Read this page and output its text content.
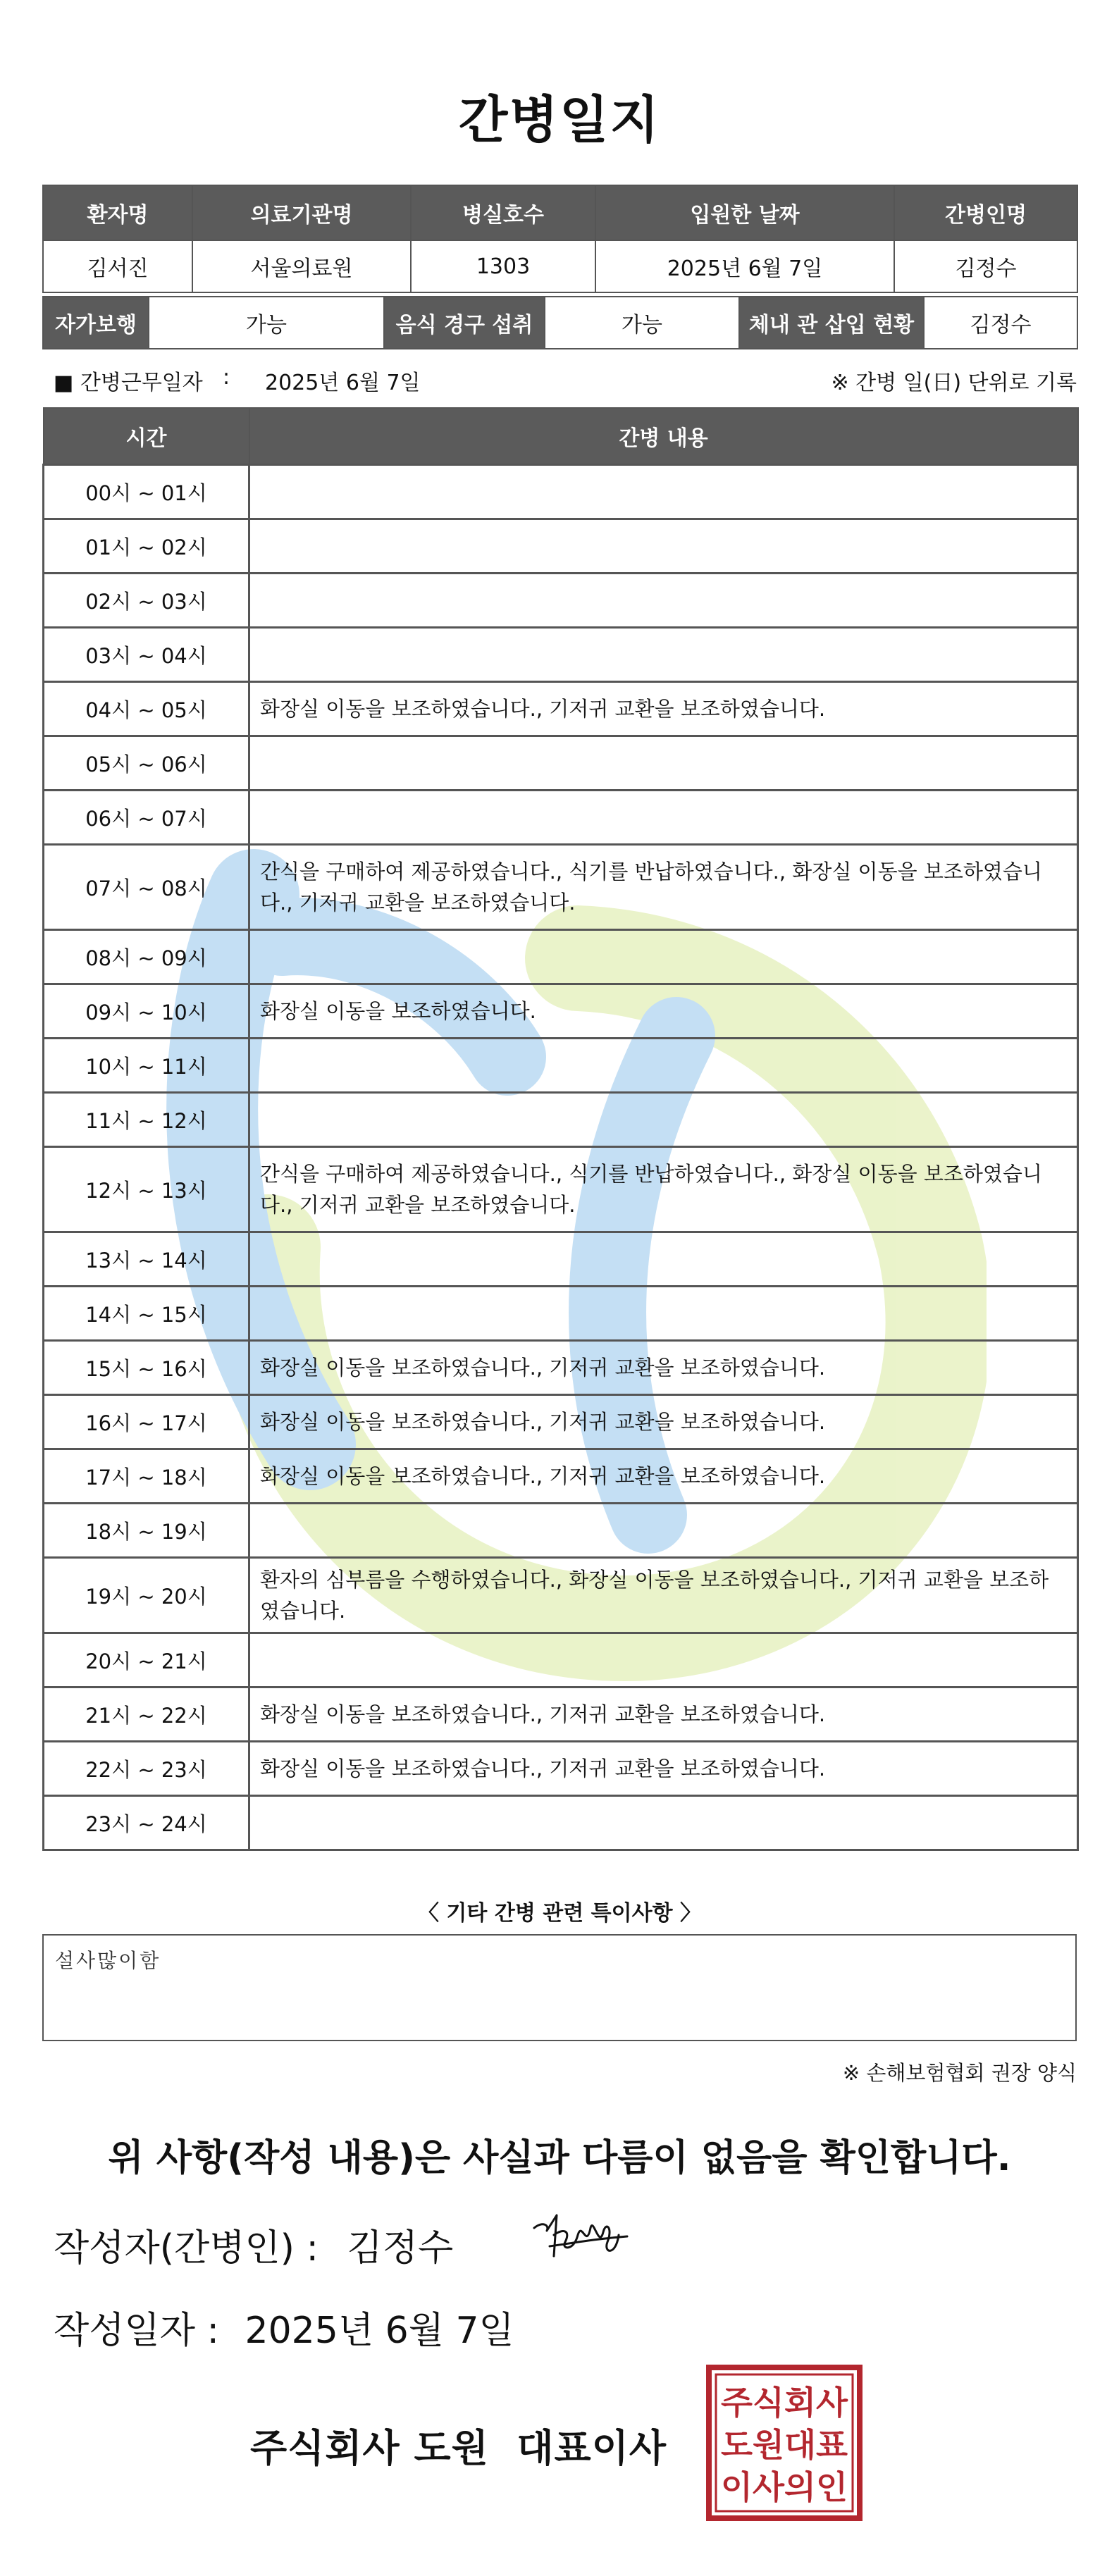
간병일지
환자명	의료기관명	병실호수	입원한 날짜	간병인명
김서진	서울의료원	1303	2025년 6월 7일	김정수
자가보행	가능	음식 경구 섭취	가능	체내 관 삽입 현황	김정수
■ 간병근무일자 : 2025년 6월 7일	※ 간병 일(日) 단위로 기록
시간	간병 내용
00시 ~ 01시	
01시 ~ 02시	
02시 ~ 03시	
03시 ~ 04시	
04시 ~ 05시	화장실 이동을 보조하였습니다., 기저귀 교환을 보조하였습니다.
05시 ~ 06시	
06시 ~ 07시	
07시 ~ 08시	간식을 구매하여 제공하였습니다., 식기를 반납하였습니다., 화장실 이동을 보조하였습니다., 기저귀 교환을 보조하였습니다.
08시 ~ 09시	
09시 ~ 10시	화장실 이동을 보조하였습니다.
10시 ~ 11시	
11시 ~ 12시	
12시 ~ 13시	간식을 구매하여 제공하였습니다., 식기를 반납하였습니다., 화장실 이동을 보조하였습니다., 기저귀 교환을 보조하였습니다.
13시 ~ 14시	
14시 ~ 15시	
15시 ~ 16시	화장실 이동을 보조하였습니다., 기저귀 교환을 보조하였습니다.
16시 ~ 17시	화장실 이동을 보조하였습니다., 기저귀 교환을 보조하였습니다.
17시 ~ 18시	화장실 이동을 보조하였습니다., 기저귀 교환을 보조하였습니다.
18시 ~ 19시	
19시 ~ 20시	환자의 심부름을 수행하였습니다., 화장실 이동을 보조하였습니다., 기저귀 교환을 보조하였습니다.
20시 ~ 21시	
21시 ~ 22시	화장실 이동을 보조하였습니다., 기저귀 교환을 보조하였습니다.
22시 ~ 23시	화장실 이동을 보조하였습니다., 기저귀 교환을 보조하였습니다.
23시 ~ 24시	
〈 기타 간병 관련 특이사항 〉
설사많이함
※ 손해보험협회 권장 양식
위 사항(작성 내용)은 사실과 다름이 없음을 확인합니다.
작성자(간병인) : 김정수
작성일자 : 2025년 6월 7일
주식회사 도원  대표이사
주식회사
도원대표
이사의인
